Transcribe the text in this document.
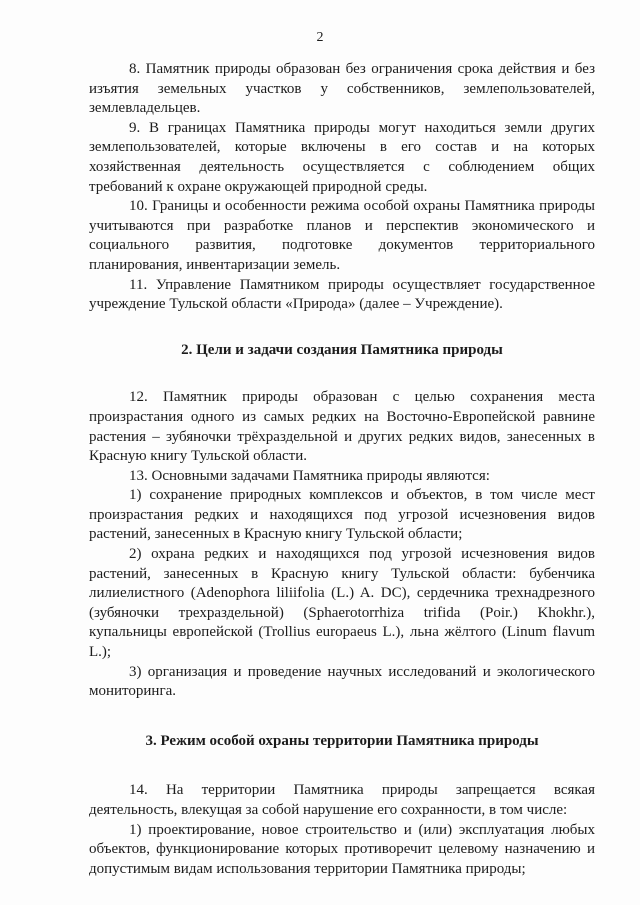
2

8. Памятник природы образован без ограничения срока действия и без изъятия земельных участков у собственников, землепользователей, землевладельцев.

9. В границах Памятника природы могут находиться земли других землепользователей, которые включены в его состав и на которых хозяйственная деятельность осуществляется с соблюдением общих требований к охране окружающей природной среды.

10. Границы и особенности режима особой охраны Памятника природы учитываются при разработке планов и перспектив экономического и социального развития, подготовке документов территориального планирования, инвентаризации земель.

11. Управление Памятником природы осуществляет государственное учреждение Тульской области «Природа» (далее – Учреждение).

2. Цели и задачи создания Памятника природы

12. Памятник природы образован с целью сохранения места произрастания одного из самых редких на Восточно-Европейской равнине растения – зубяночки трёхраздельной и других редких видов, занесенных в Красную книгу Тульской области.

13. Основными задачами Памятника природы являются:

1) сохранение природных комплексов и объектов, в том числе мест произрастания редких и находящихся под угрозой исчезновения видов растений, занесенных в Красную книгу Тульской области;

2) охрана редких и находящихся под угрозой исчезновения видов растений, занесенных в Красную книгу Тульской области: бубенчика лилиелистного (Adenophora liliifolia (L.) A. DC), сердечника трехнадрезного (зубяночки трехраздельной) (Sphaerotorrhiza trifida (Poir.) Khokhr.), купальницы европейской (Trollius europaeus L.), льна жёлтого (Linum flavum L.);

3) организация и проведение научных исследований и экологического мониторинга.

3. Режим особой охраны территории Памятника природы

14. На территории Памятника природы запрещается всякая деятельность, влекущая за собой нарушение его сохранности, в том числе:

1) проектирование, новое строительство и (или) эксплуатация любых объектов, функционирование которых противоречит целевому назначению и допустимым видам использования территории Памятника природы;
